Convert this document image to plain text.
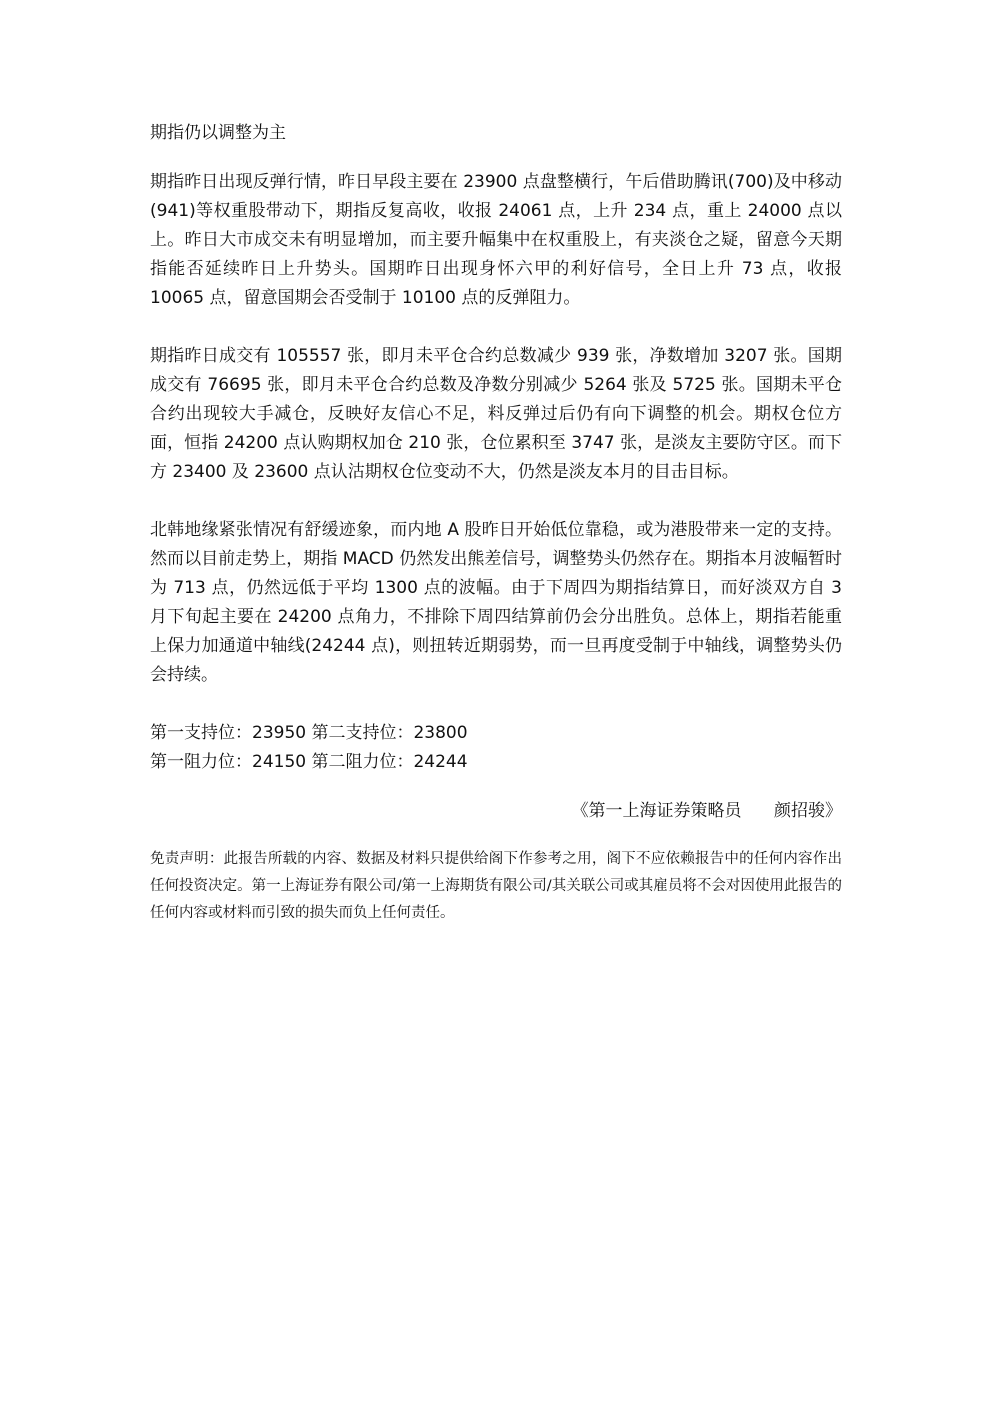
期指仍以调整为主

期指昨日出现反弹行情，昨日早段主要在 23900 点盘整横行，午后借助腾讯(700)及中移动(941)等权重股带动下，期指反复高收，收报 24061 点，上升 234 点，重上 24000 点以上。昨日大市成交未有明显增加，而主要升幅集中在权重股上，有夹淡仓之疑，留意今天期指能否延续昨日上升势头。国期昨日出现身怀六甲的利好信号，全日上升 73 点，收报 10065 点，留意国期会否受制于 10100 点的反弹阻力。

期指昨日成交有 105557 张，即月未平仓合约总数减少 939 张，净数增加 3207 张。国期成交有 76695 张，即月未平仓合约总数及净数分别减少 5264 张及 5725 张。国期未平仓合约出现较大手减仓，反映好友信心不足，料反弹过后仍有向下调整的机会。期权仓位方面，恒指 24200 点认购期权加仓 210 张，仓位累积至 3747 张，是淡友主要防守区。而下方 23400 及 23600 点认沽期权仓位变动不大，仍然是淡友本月的目击目标。

北韩地缘紧张情况有舒缓迹象，而内地 A 股昨日开始低位靠稳，或为港股带来一定的支持。然而以目前走势上，期指 MACD 仍然发出熊差信号，调整势头仍然存在。期指本月波幅暂时为 713 点，仍然远低于平均 1300 点的波幅。由于下周四为期指结算日，而好淡双方自 3 月下旬起主要在 24200 点角力，不排除下周四结算前仍会分出胜负。总体上，期指若能重上保力加通道中轴线(24244 点)，则扭转近期弱势，而一旦再度受制于中轴线，调整势头仍会持续。

第一支持位：23950 第二支持位：23800
第一阻力位：24150 第二阻力位：24244
《第一上海证券策略员      颜招骏》

免责声明：此报告所载的内容、数据及材料只提供给阁下作参考之用，阁下不应依赖报告中的任何内容作出任何投资决定。第一上海证券有限公司/第一上海期货有限公司/其关联公司或其雇员将不会对因使用此报告的任何内容或材料而引致的损失而负上任何责任。
